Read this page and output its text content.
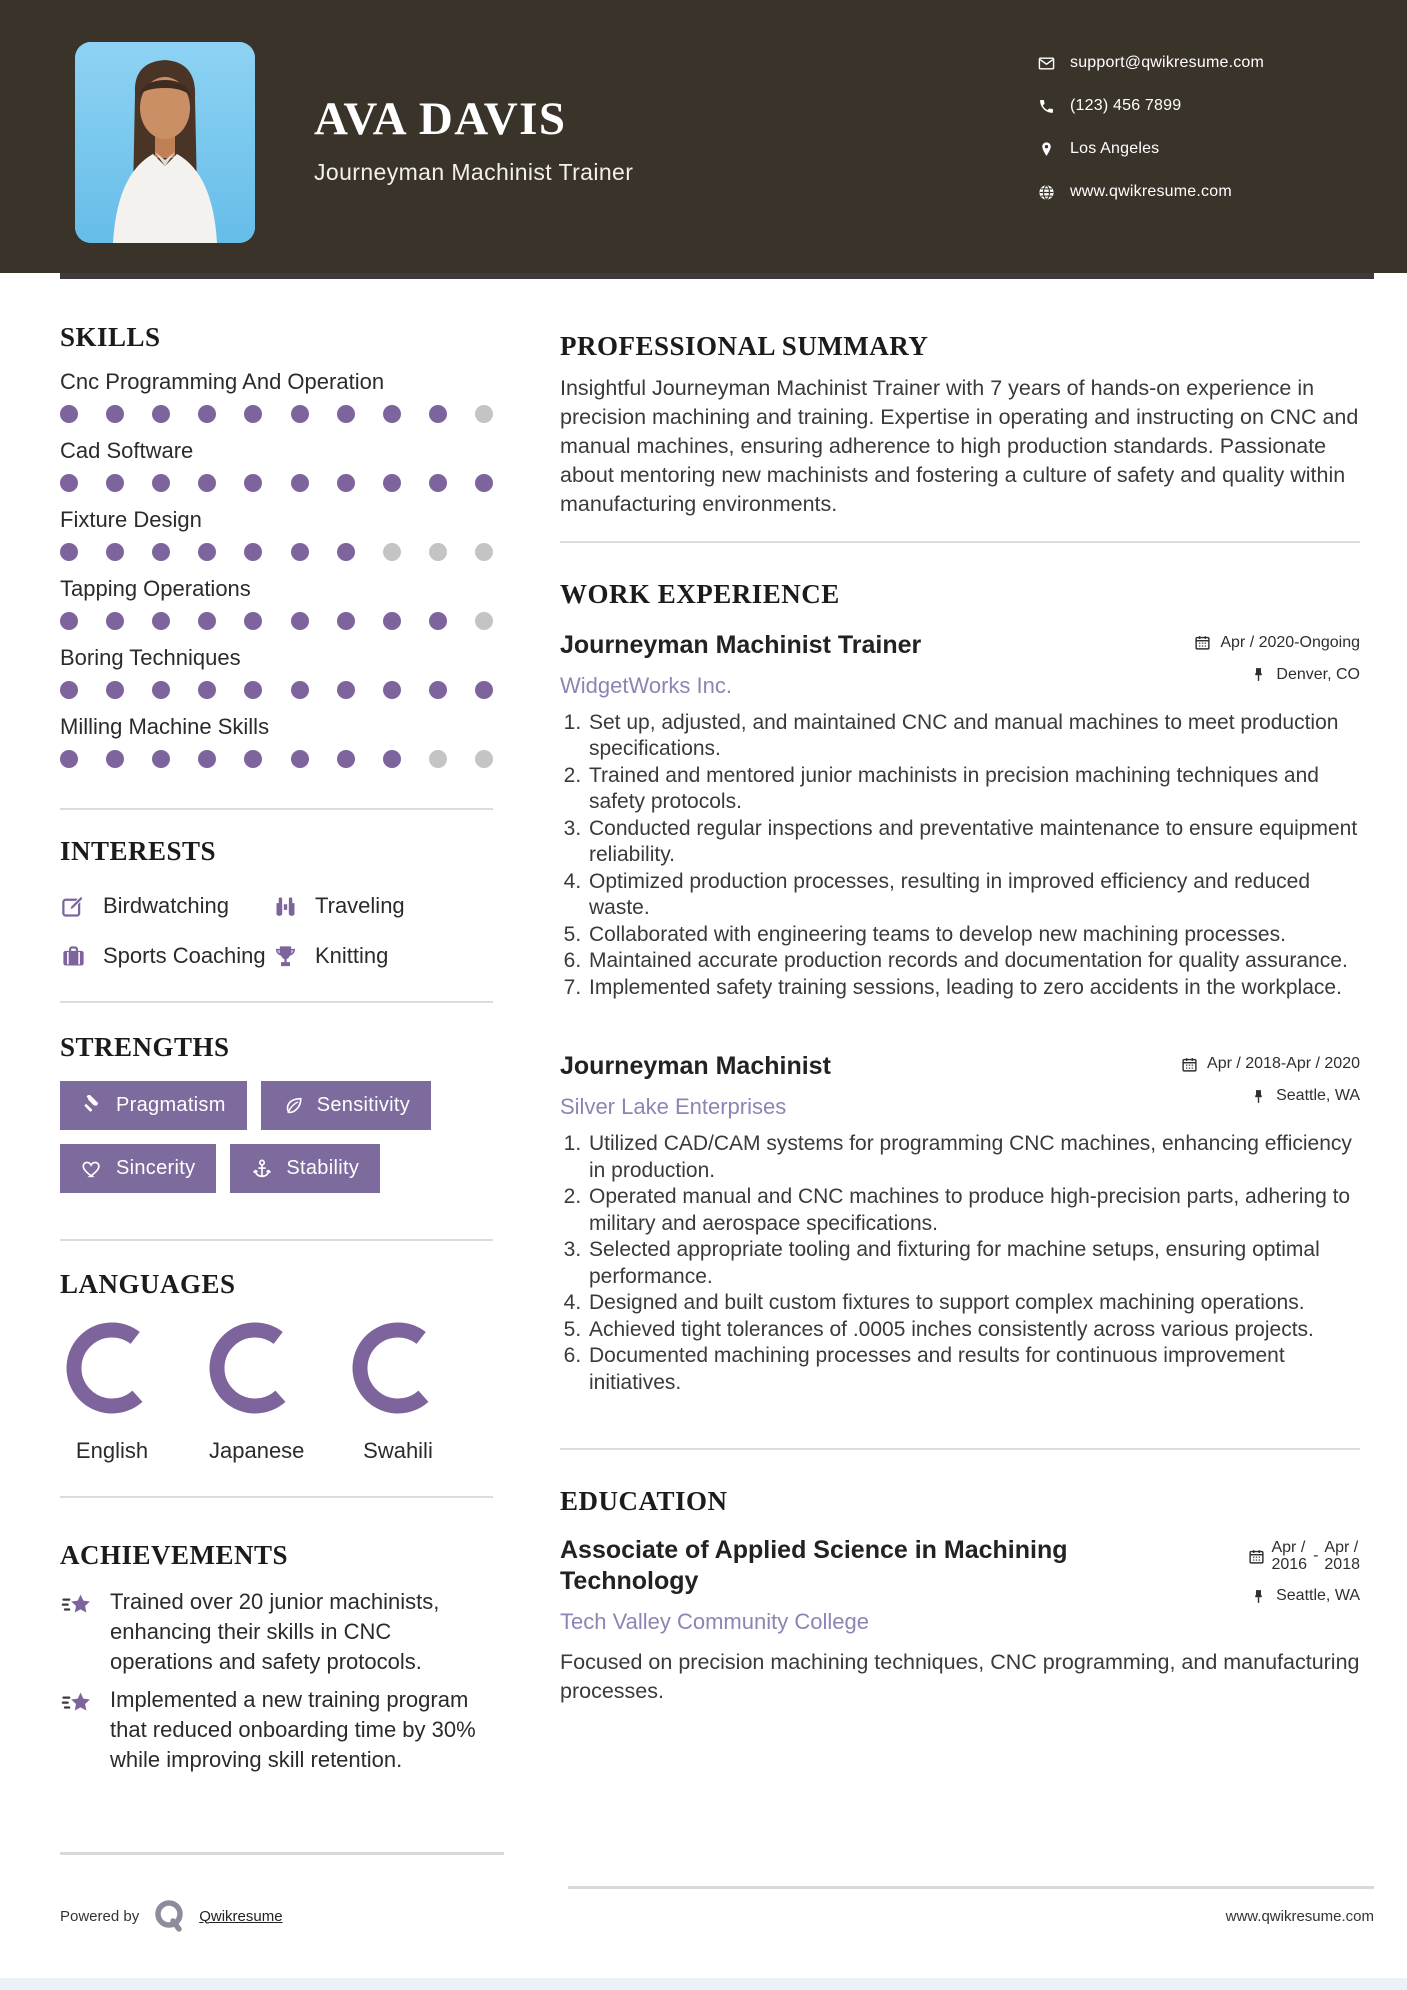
AVA DAVIS
Journeyman Machinist Trainer
support@qwikresume.com
(123) 456 7899
Los Angeles
www.qwikresume.com
SKILLS
Cnc Programming And Operation
Cad Software
Fixture Design
Tapping Operations
Boring Techniques
Milling Machine Skills
INTERESTS
Birdwatching	Traveling
Sports Coaching Knitting
STRENGTHS
Pragmatism	Sensitivity
Sincerity	Stability
LANGUAGES
English	Japanese	Swahili
ACHIEVEMENTS
Trained over 20 junior machinists, enhancing their skills in CNC operations and safety protocols.
Implemented a new training program that reduced onboarding time by 30% while improving skill retention.
PROFESSIONAL SUMMARY

Insightful Journeyman Machinist Trainer with 7 years of hands-on experience in precision machining and training. Expertise in operating and instructing on CNC and manual machines, ensuring adherence to high production standards. Passionate about mentoring new machinists and fostering a culture of safety and quality within manufacturing environments.

WORK EXPERIENCE
Journeyman Machinist Trainer
WidgetWorks Inc.
Apr / 2020-Ongoing
Denver, CO
1. Set up, adjusted, and maintained CNC and manual machines to meet production specifications.
2. Trained and mentored junior machinists in precision machining techniques and safety protocols.
3. Conducted regular inspections and preventative maintenance to ensure equipment reliability.
4. Optimized production processes, resulting in improved efficiency and reduced waste.
5. Collaborated with engineering teams to develop new machining processes.
6. Maintained accurate production records and documentation for quality assurance.
7. Implemented safety training sessions, leading to zero accidents in the workplace.
Journeyman Machinist
Silver Lake Enterprises
Apr / 2018-Apr / 2020
Seattle, WA
1. Utilized CAD/CAM systems for programming CNC machines, enhancing efficiency in production.
2. Operated manual and CNC machines to produce high-precision parts, adhering to military and aerospace specifications.
3. Selected appropriate tooling and fixturing for machine setups, ensuring optimal performance.
4. Designed and built custom fixtures to support complex machining operations.
5. Achieved tight tolerances of .0005 inches consistently across various projects.
6. Documented machining processes and results for continuous improvement initiatives.
EDUCATION
Associate of Applied Science in Machining Technology
Tech Valley Community College
Apr /
2016
- Apr /
2018
Seattle, WA

Focused on precision machining techniques, CNC programming, and manufacturing processes.

Powered by	Qwikresume	www.qwikresume.com
